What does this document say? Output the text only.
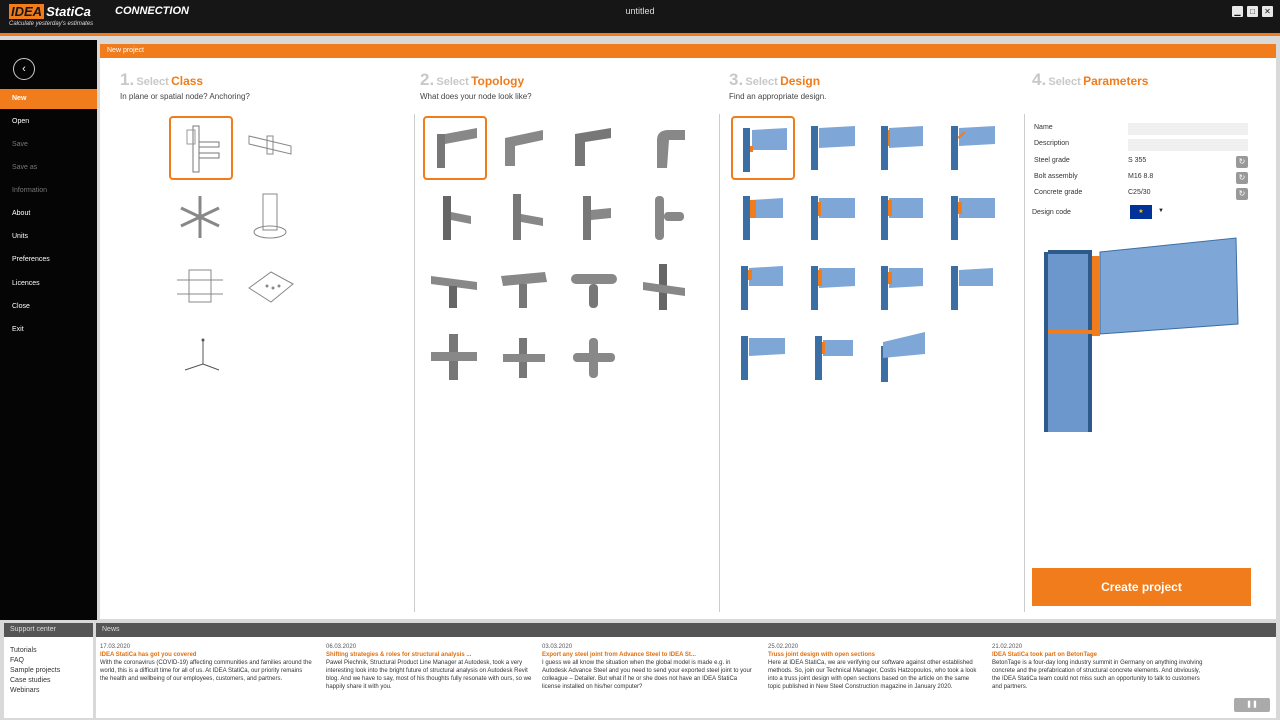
IDEA StatiCa
Calculate yesterday's estimates
CONNECTION	untitled	▁	□	✕
‹
New
Open
Save
Save as
Information
About
Units
Preferences
Licences
Close
Exit
New project
1. Select Class
In plane or spatial node? Anchoring?
2. Select Topology
What does your node look like?
3. Select Design
Find an appropriate design.
4. Select Parameters
Name
Description
Steel grade	S 355	↻
Bolt assembly	M16 8.8	↻
Concrete grade	C25/30	↻
Design code	★	▼
Create project
Support center
Tutorials
FAQ
Sample projects
Case studies
Webinars
News
17.03.2020
IDEA StatiCa has got you covered
With the coronavirus (COVID-19) affecting communities and families around the world, this is a difficult time for all of us. At IDEA StatiCa, our priority remains the health and wellbeing of our employees, customers, and partners.
06.03.2020
Shifting strategies & roles for structural analysis ...
Pawel Piechnik, Structural Product Line Manager at Autodesk, took a very interesting look into the bright future of structural analysis on Autodesk Revit blog. And we have to say, most of his thoughts fully resonate with ours, so we happily share it with you.
03.03.2020
Export any steel joint from Advance Steel to IDEA St...
I guess we all know the situation when the global model is made e.g. in Autodesk Advance Steel and you need to send your exported steel joint to your colleague – Detailer. But what if he or she does not have an IDEA StatiCa license installed on his/her computer?
25.02.2020
Truss joint design with open sections
Here at IDEA StatiCa, we are verifying our software against other established methods. So, join our Technical Manager, Costis Hatzopoulos, who took a look into a truss joint design with open sections based on the article on the same topic published in New Steel Construction magazine in January 2020.
21.02.2020
IDEA StatiCa took part on BetonTage
BetonTage is a four-day long industry summit in Germany on anything involving concrete and the prefabrication of structural concrete elements. And obviously, the IDEA StatiCa team could not miss such an opportunity to talk to customers and partners.
❚❚
